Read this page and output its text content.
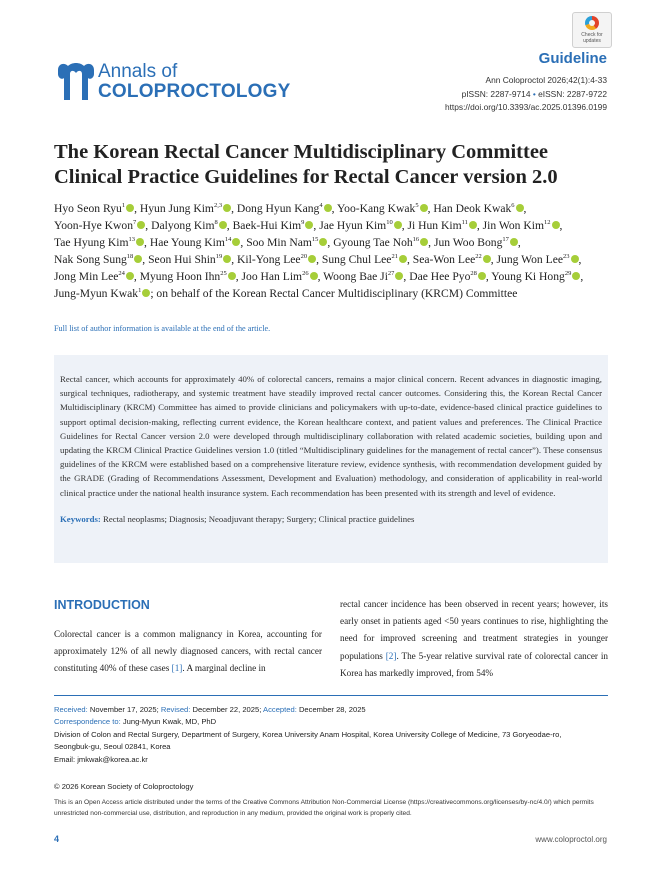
Check for updates
Guideline
Ann Coloproctol 2026;42(1):4-33
pISSN: 2287-9714 • eISSN: 2287-9722
https://doi.org/10.3393/ac.2025.01396.0199
Annals of
COLOPROCTOLOGY
The Korean Rectal Cancer Multidisciplinary Committee
Clinical Practice Guidelines for Rectal Cancer version 2.0
Hyo Seon Ryu$^1$ , Hyun Jung Kim$^{2,3}$ , Dong Hyun Kang$^4$ , Yoo-Kang Kwak$^5$ , Han Deok Kwak$^6$ , Yoon-Hye Kwon$^7$ , Dalyong Kim$^8$ , Baek-Hui Kim$^9$ , Jae Hyun Kim$^{10}$ , Ji Hun Kim$^{11}$ , Jin Won Kim$^{12}$ , Tae Hyung Kim$^{13}$ , Hae Young Kim$^{14}$ , Soo Min Nam$^{15}$ , Gyoung Tae Noh$^{16}$ , Jun Woo Bong$^{17}$ , Nak Song Sung$^{18}$ , Seon Hui Shin$^{19}$ , Kil-Yong Lee$^{20}$ , Sung Chul Lee$^{21}$ , Sea-Won Lee$^{22}$ , Jung Won Lee$^{23}$ , Jong Min Lee$^{24}$ , Myung Hoon Ihn$^{25}$ , Joo Han Lim$^{26}$ , Woong Bae Ji$^{27}$ , Dae Hee Pyo$^{28}$ , Young Ki Hong$^{29}$ , Jung-Myun Kwak$^1$ ; on behalf of the Korean Rectal Cancer Multidisciplinary (KRCM) Committee
Full list of author information is available at the end of the article.
Rectal cancer, which accounts for approximately 40% of colorectal cancers, remains a major clinical concern. Recent advances in diagnostic imaging, surgical techniques, radiotherapy, and systemic treatment have steadily improved rectal cancer outcomes. Considering this, the Korean Rectal Cancer Multidisciplinary (KRCM) Committee has aimed to provide clinicians and policymakers with up-to-date, evidence-based clinical practice guidelines to support optimal decision-making, reflecting current evidence, the Korean healthcare context, and patient values and preferences. The Clinical Practice Guidelines for Rectal Cancer version 2.0 were developed through multidisciplinary collaboration with related academic societies, building upon and updating the KRCM Clinical Practice Guidelines version 1.0 (titled “Multidisciplinary guidelines for the management of rectal cancer”). These consensus guidelines of the KRCM were established based on a comprehensive literature review, evidence synthesis, with recommendation development guided by the GRADE (Grading of Recommendations Assessment, Development and Evaluation) methodology, and consideration of applicability in real-world clinical practice under the national health insurance system. Each recommendation has been presented with its strength and level of evidence.
Keywords: Rectal neoplasms; Diagnosis; Neoadjuvant therapy; Surgery; Clinical practice guidelines
INTRODUCTION
Colorectal cancer is a common malignancy in Korea, accounting for approximately 12% of all newly diagnosed cancers, with rectal cancer constituting 40% of these cases [1]. A marginal decline in
rectal cancer incidence has been observed in recent years; however, its early onset in patients aged <50 years continues to rise, highlighting the need for improved screening and treatment strategies in younger populations [2]. The 5-year relative survival rate of colorectal cancer in Korea has markedly improved, from 54%
Received: November 17, 2025; Revised: December 22, 2025; Accepted: December 28, 2025
Correspondence to: Jung-Myun Kwak, MD, PhD
Division of Colon and Rectal Surgery, Department of Surgery, Korea University Anam Hospital, Korea University College of Medicine, 73 Goryeodae-ro,
Seongbuk-gu, Seoul 02841, Korea
Email: jmkwak@korea.ac.kr
© 2026 Korean Society of Coloproctology
This is an Open Access article distributed under the terms of the Creative Commons Attribution Non-Commercial License (https://creativecommons.org/licenses/by-nc/4.0/) which permits unrestricted non-commercial use, distribution, and reproduction in any medium, provided the original work is properly cited.
4	www.coloproctol.org
